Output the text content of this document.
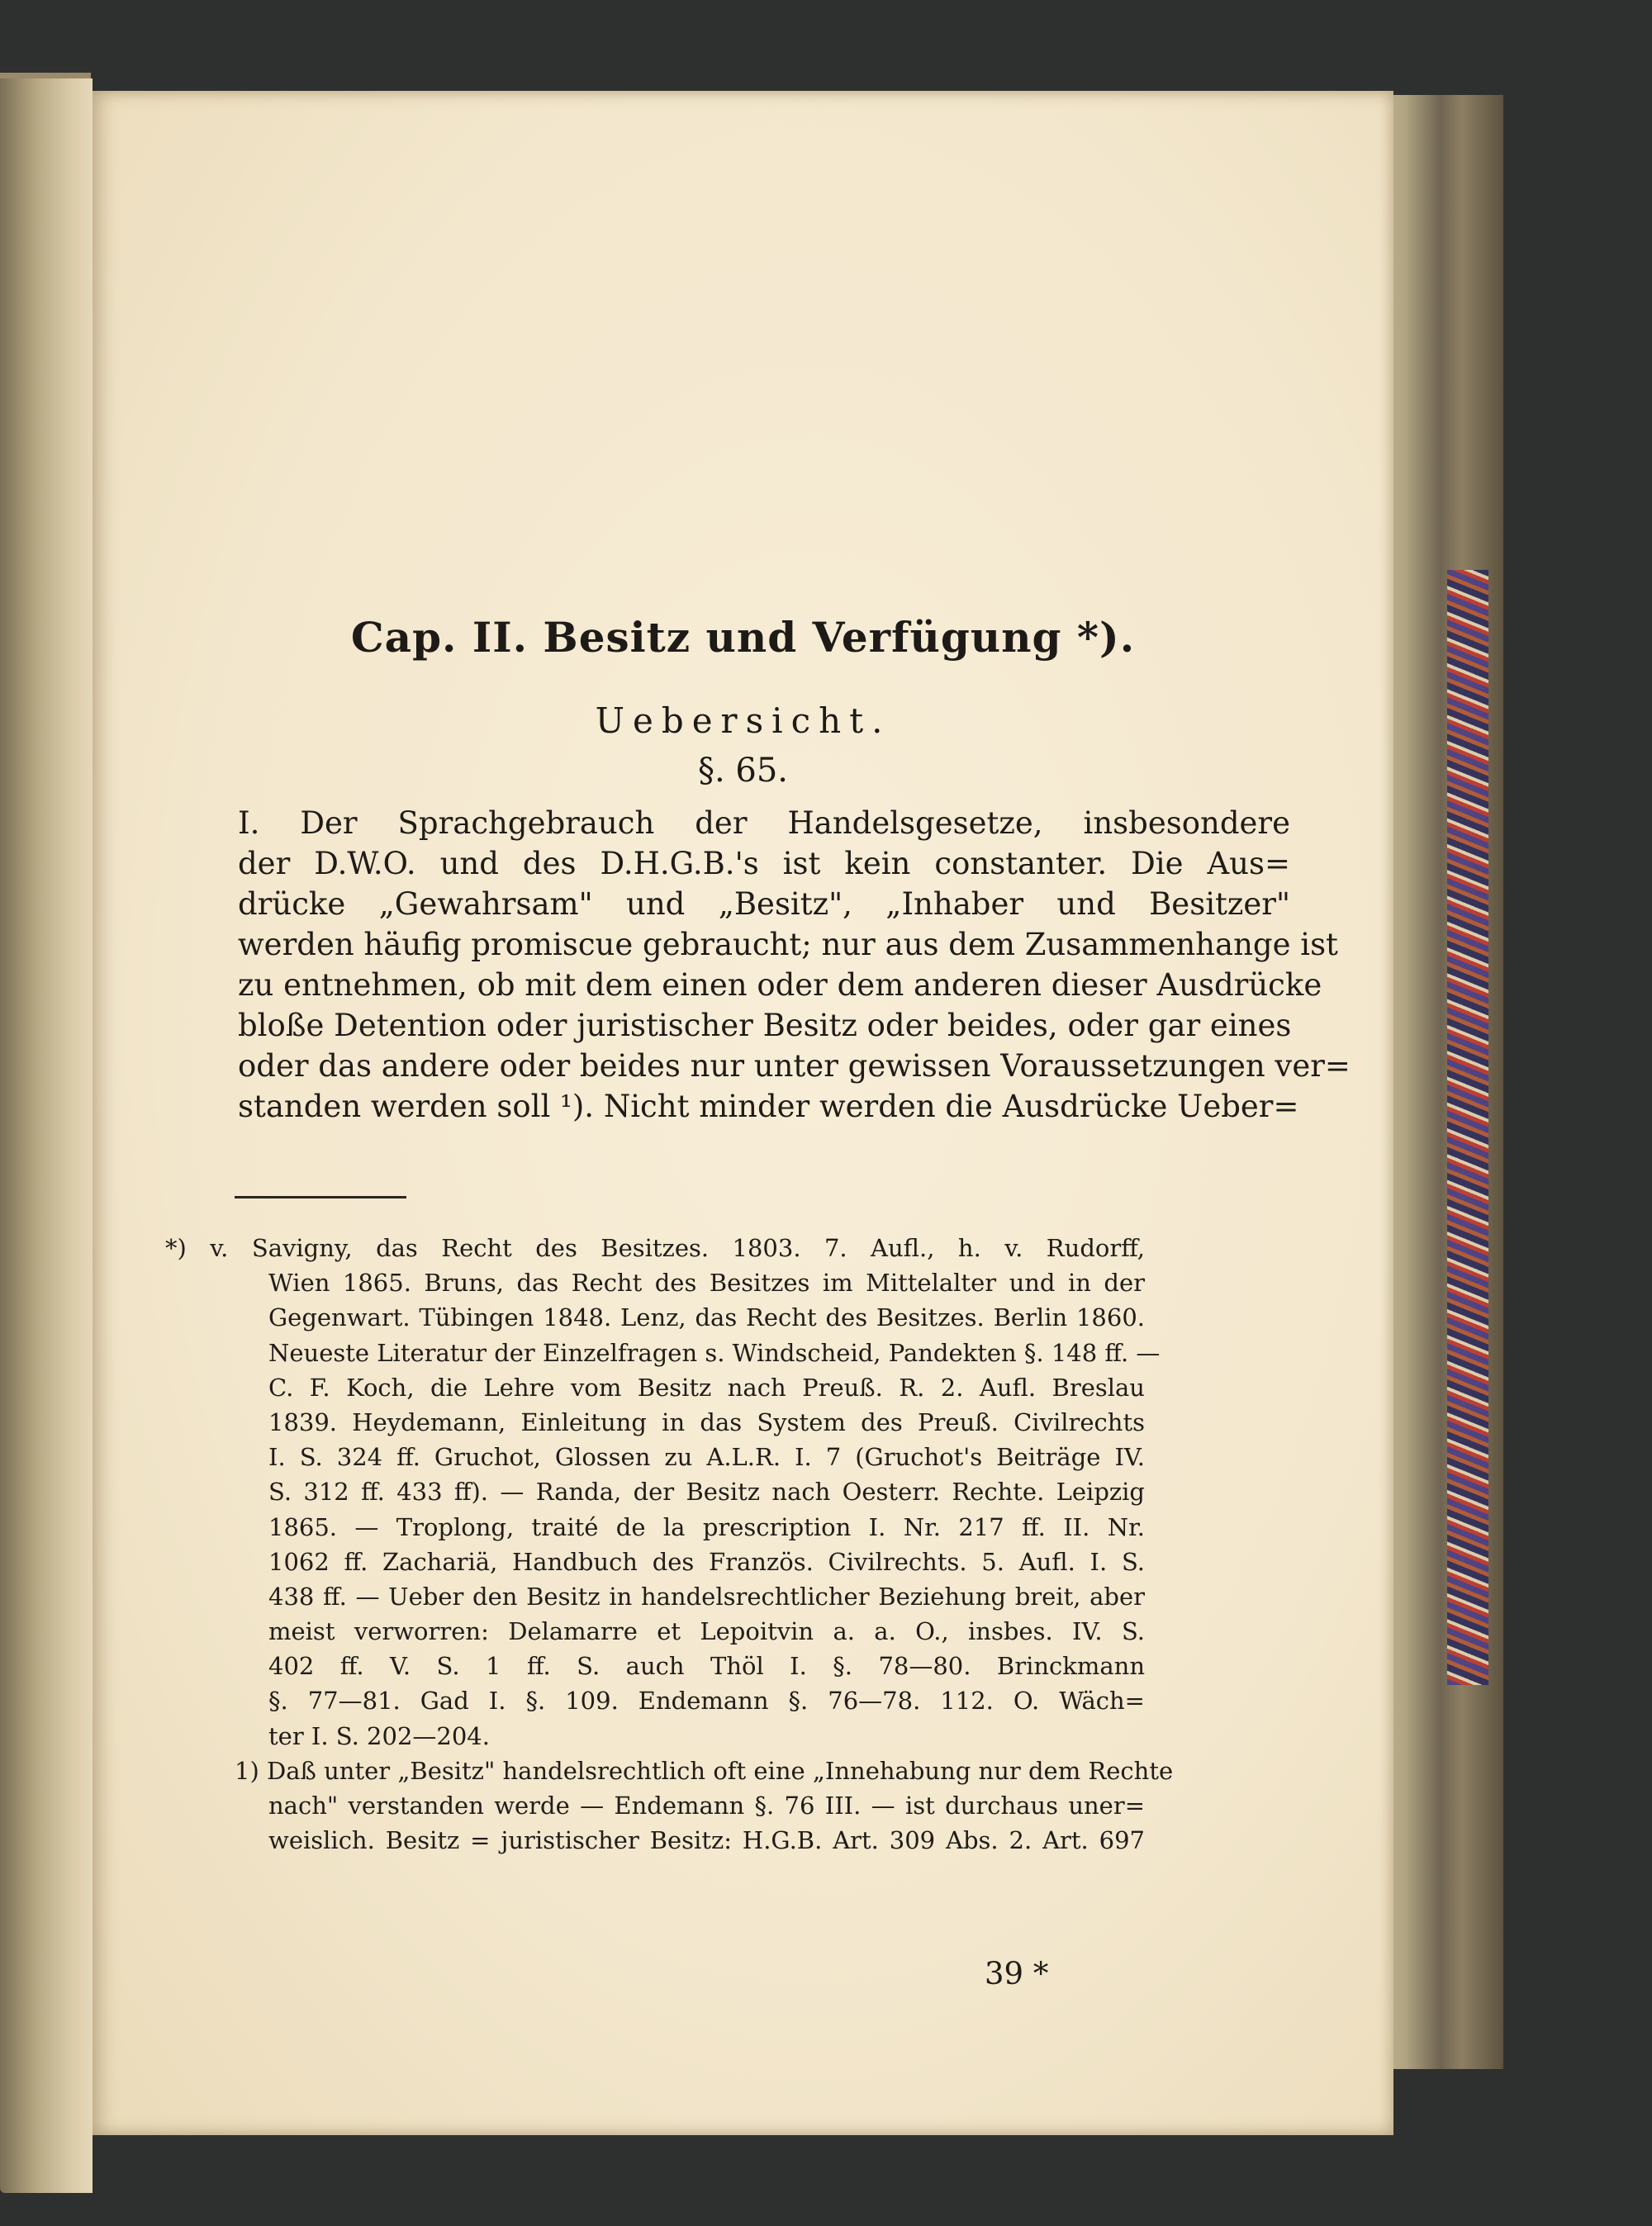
Cap. II. Besitz und Verfügung *).
Uebersicht.
§. 65.
I. Der Sprachgebrauch der Handelsgesetze, insbesondere
der D.W.O. und des D.H.G.B.'s ist kein constanter. Die Aus=
drücke „Gewahrsam" und „Besitz", „Inhaber und Besitzer"
werden häufig promiscue gebraucht; nur aus dem Zusammenhange ist
zu entnehmen, ob mit dem einen oder dem anderen dieser Ausdrücke
bloße Detention oder juristischer Besitz oder beides, oder gar eines
oder das andere oder beides nur unter gewissen Voraussetzungen ver=
standen werden soll ¹). Nicht minder werden die Ausdrücke Ueber=
*) v. Savigny, das Recht des Besitzes. 1803. 7. Aufl., h. v. Rudorff,
Wien 1865. Bruns, das Recht des Besitzes im Mittelalter und in der
Gegenwart. Tübingen 1848. Lenz, das Recht des Besitzes. Berlin 1860.
Neueste Literatur der Einzelfragen s. Windscheid, Pandekten §. 148 ff. —
C. F. Koch, die Lehre vom Besitz nach Preuß. R. 2. Aufl. Breslau
1839. Heydemann, Einleitung in das System des Preuß. Civilrechts
I. S. 324 ff. Gruchot, Glossen zu A.L.R. I. 7 (Gruchot's Beiträge IV.
S. 312 ff. 433 ff). — Randa, der Besitz nach Oesterr. Rechte. Leipzig
1865. — Troplong, traité de la prescription I. Nr. 217 ff. II. Nr.
1062 ff. Zachariä, Handbuch des Französ. Civilrechts. 5. Aufl. I. S.
438 ff. — Ueber den Besitz in handelsrechtlicher Beziehung breit, aber
meist verworren: Delamarre et Lepoitvin a. a. O., insbes. IV. S.
402 ff. V. S. 1 ff. S. auch Thöl I. §. 78—80. Brinckmann
§. 77—81. Gad I. §. 109. Endemann §. 76—78. 112. O. Wäch=
ter I. S. 202—204.
1) Daß unter „Besitz" handelsrechtlich oft eine „Innehabung nur dem Rechte
nach" verstanden werde — Endemann §. 76 III. — ist durchaus uner=
weislich. Besitz = juristischer Besitz: H.G.B. Art. 309 Abs. 2. Art. 697
39 *
